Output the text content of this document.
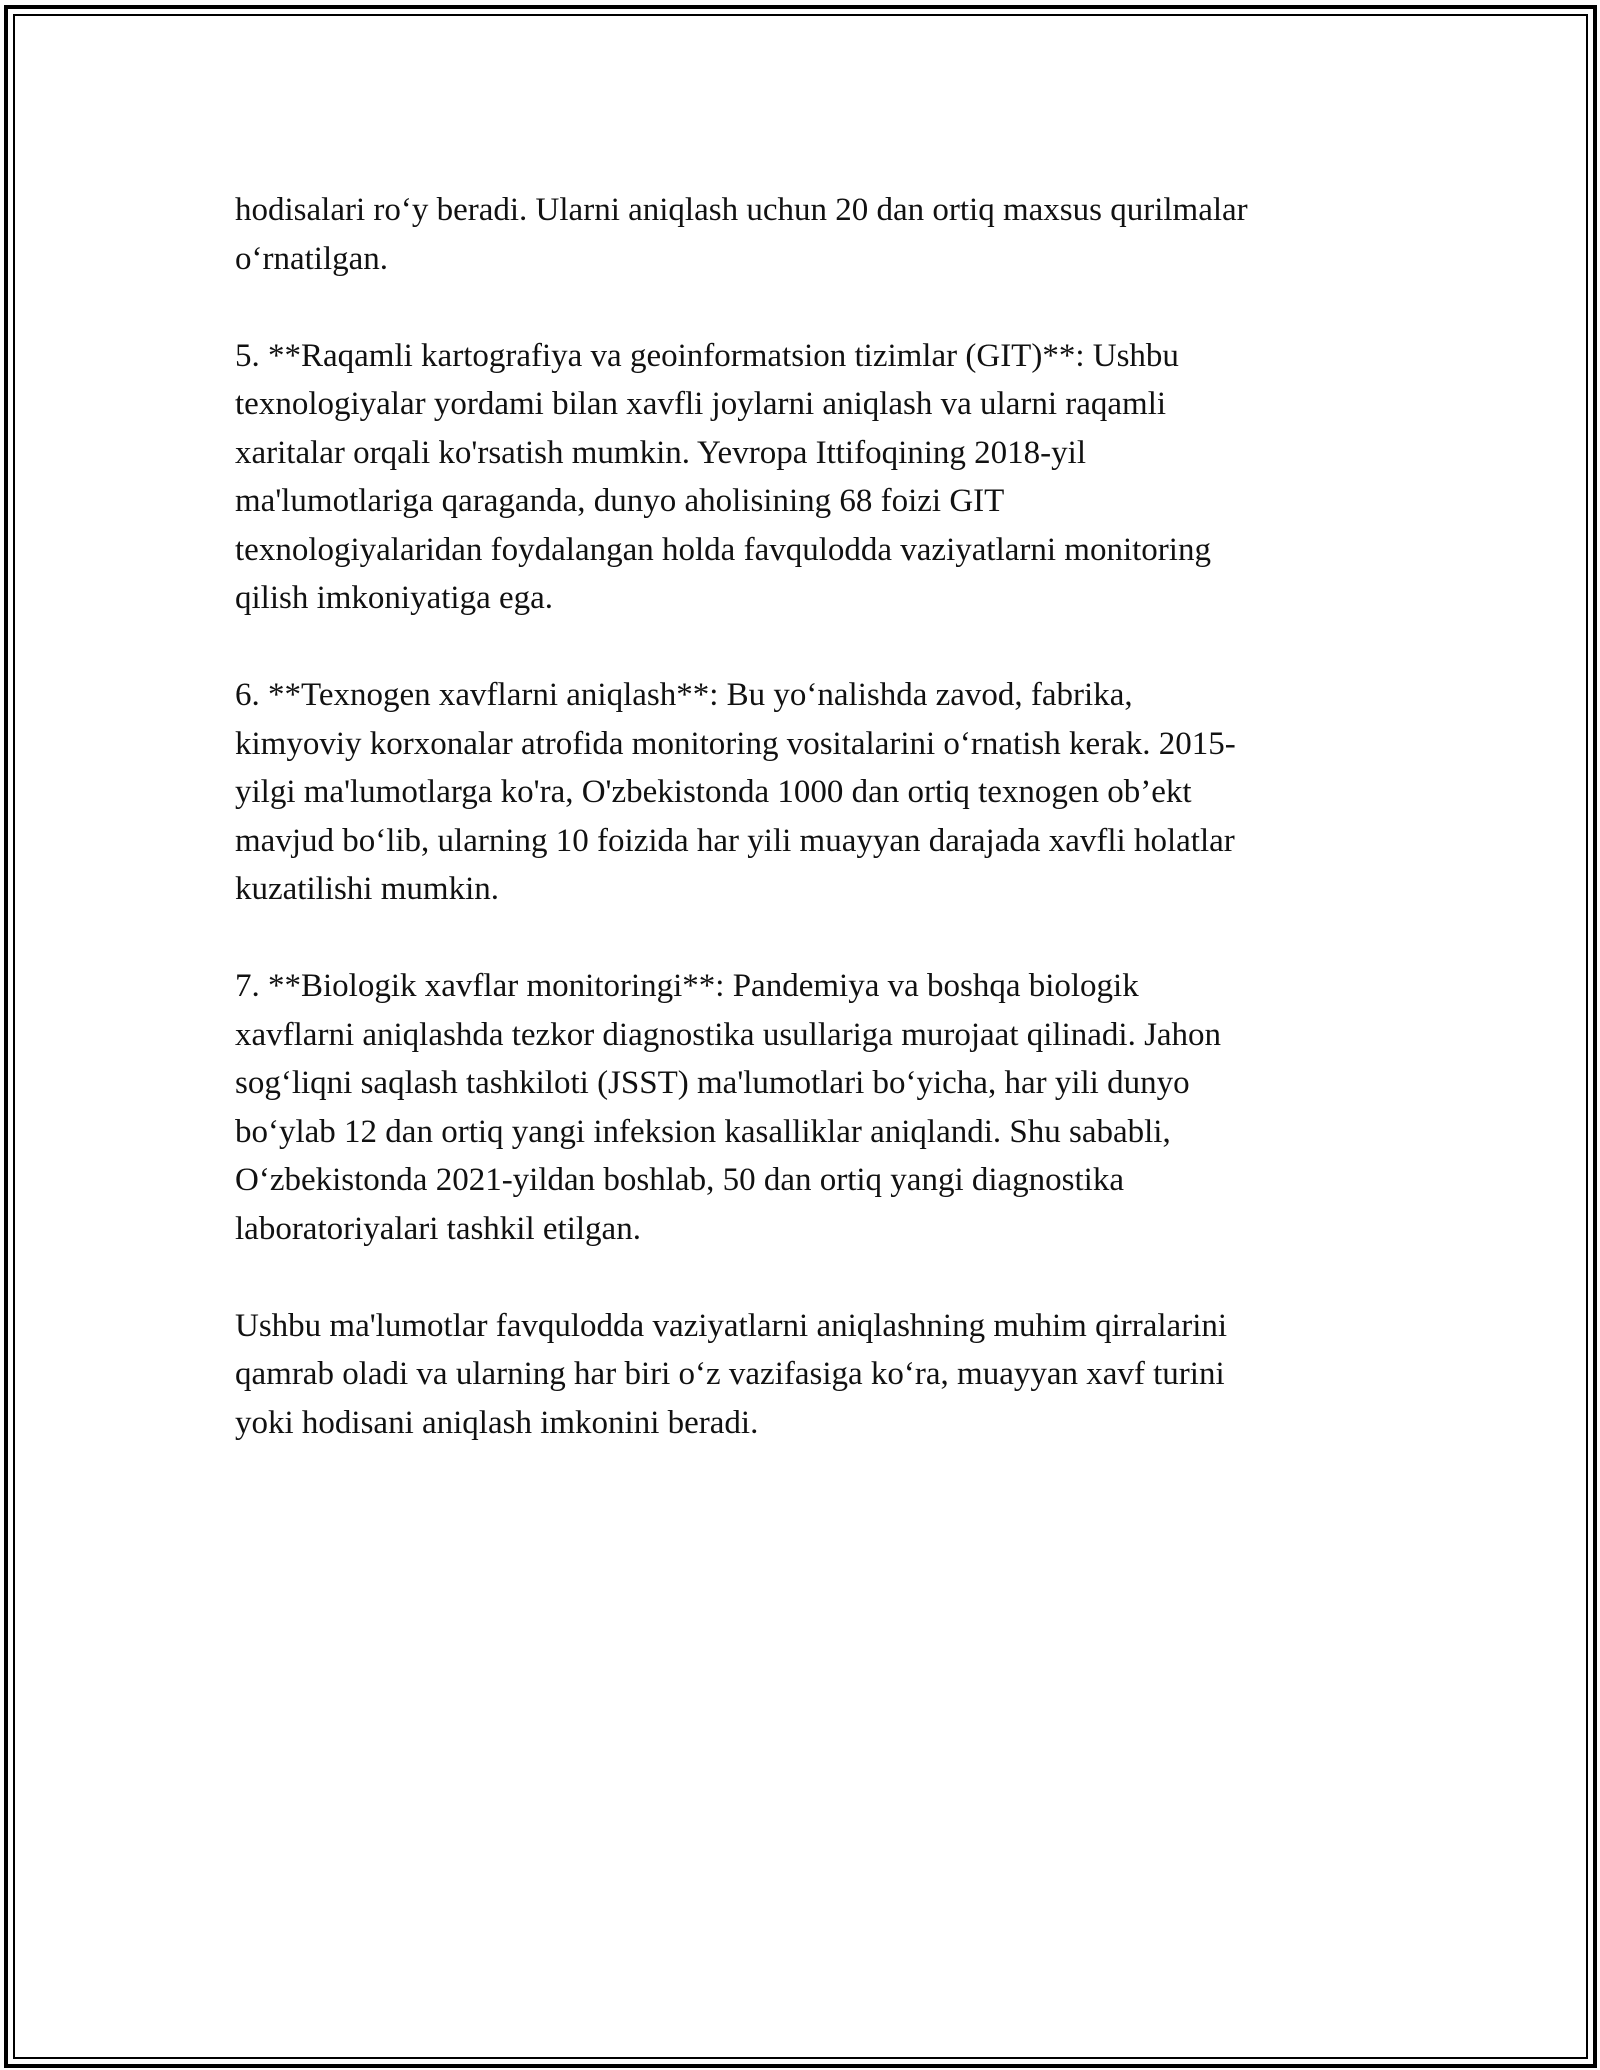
hodisalari ro‘y beradi. Ularni aniqlash uchun 20 dan ortiq maxsus qurilmalar
o‘rnatilgan.

5. **Raqamli kartografiya va geoinformatsion tizimlar (GIT)**: Ushbu
texnologiyalar yordami bilan xavfli joylarni aniqlash va ularni raqamli
xaritalar orqali ko'rsatish mumkin. Yevropa Ittifoqining 2018-yil
ma'lumotlariga qaraganda, dunyo aholisining 68 foizi GIT
texnologiyalaridan foydalangan holda favqulodda vaziyatlarni monitoring
qilish imkoniyatiga ega.

6. **Texnogen xavflarni aniqlash**: Bu yo‘nalishda zavod, fabrika,
kimyoviy korxonalar atrofida monitoring vositalarini o‘rnatish kerak. 2015-
yilgi ma'lumotlarga ko'ra, O'zbekistonda 1000 dan ortiq texnogen ob’ekt
mavjud bo‘lib, ularning 10 foizida har yili muayyan darajada xavfli holatlar
kuzatilishi mumkin.

7. **Biologik xavflar monitoringi**: Pandemiya va boshqa biologik
xavflarni aniqlashda tezkor diagnostika usullariga murojaat qilinadi. Jahon
sog‘liqni saqlash tashkiloti (JSST) ma'lumotlari bo‘yicha, har yili dunyo
bo‘ylab 12 dan ortiq yangi infeksion kasalliklar aniqlandi. Shu sababli,
O‘zbekistonda 2021-yildan boshlab, 50 dan ortiq yangi diagnostika
laboratoriyalari tashkil etilgan.

Ushbu ma'lumotlar favqulodda vaziyatlarni aniqlashning muhim qirralarini
qamrab oladi va ularning har biri o‘z vazifasiga ko‘ra, muayyan xavf turini
yoki hodisani aniqlash imkonini beradi.
